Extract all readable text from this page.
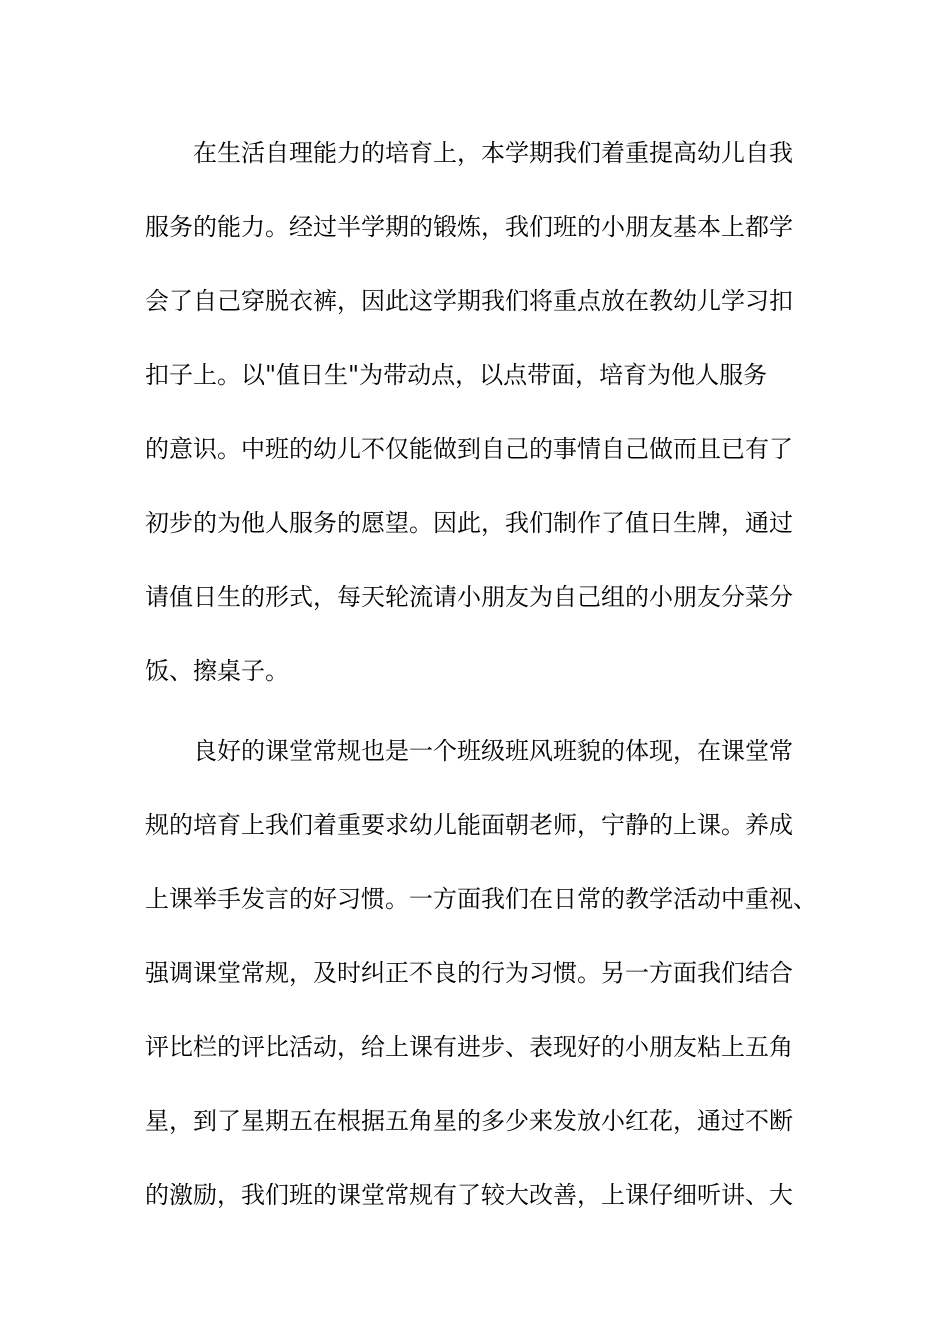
在生活自理能力的培育上，本学期我们着重提高幼儿自我
服务的能力。经过半学期的锻炼，我们班的小朋友基本上都学
会了自己穿脱衣裤，因此这学期我们将重点放在教幼儿学习扣
扣子上。以"值日生"为带动点，以点带面，培育为他人服务
的意识。中班的幼儿不仅能做到自己的事情自己做而且已有了
初步的为他人服务的愿望。因此，我们制作了值日生牌，通过
请值日生的形式，每天轮流请小朋友为自己组的小朋友分菜分
饭、擦桌子。
良好的课堂常规也是一个班级班风班貌的体现，在课堂常
规的培育上我们着重要求幼儿能面朝老师，宁静的上课。养成
上课举手发言的好习惯。一方面我们在日常的教学活动中重视、
强调课堂常规，及时纠正不良的行为习惯。另一方面我们结合
评比栏的评比活动，给上课有进步、表现好的小朋友粘上五角
星，到了星期五在根据五角星的多少来发放小红花，通过不断
的激励，我们班的课堂常规有了较大改善，上课仔细听讲、大
